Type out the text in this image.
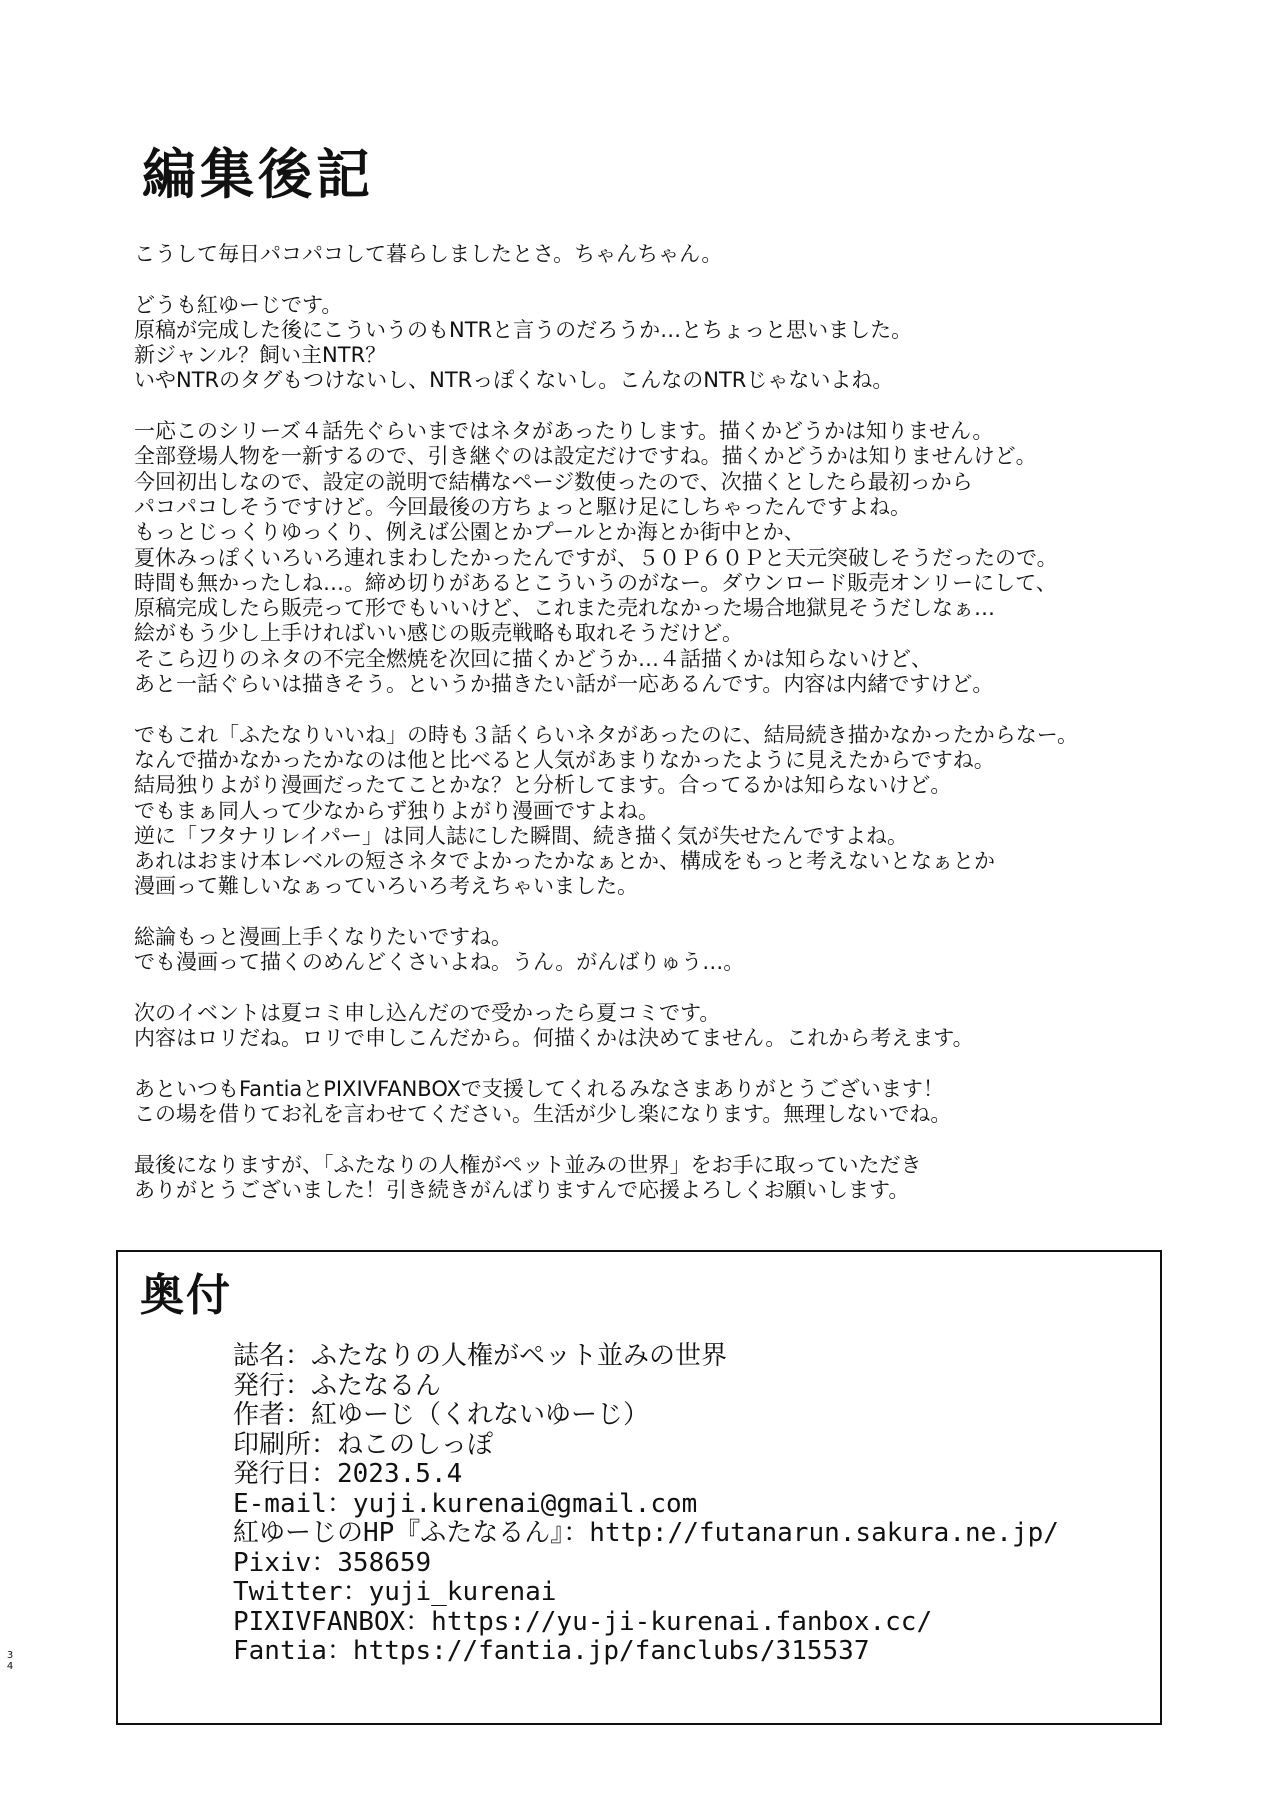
編集後記

こうして毎日パコパコして暮らしましたとさ。ちゃんちゃん。

どうも紅ゆーじです。
原稿が完成した後にこういうのもNTRと言うのだろうか…とちょっと思いました。
新ジャンル？飼い主NTR？
いやNTRのタグもつけないし、NTRっぽくないし。こんなのNTRじゃないよね。

一応このシリーズ４話先ぐらいまではネタがあったりします。描くかどうかは知りません。
全部登場人物を一新するので、引き継ぐのは設定だけですね。描くかどうかは知りませんけど。
今回初出しなので、設定の説明で結構なページ数使ったので、次描くとしたら最初っから
パコパコしそうですけど。今回最後の方ちょっと駆け足にしちゃったんですよね。
もっとじっくりゆっくり、例えば公園とかプールとか海とか街中とか、
夏休みっぽくいろいろ連れまわしたかったんですが、５０Ｐ６０Ｐと天元突破しそうだったので。
時間も無かったしね…。締め切りがあるとこういうのがなー。ダウンロード販売オンリーにして、
原稿完成したら販売って形でもいいけど、これまた売れなかった場合地獄見そうだしなぁ…
絵がもう少し上手ければいい感じの販売戦略も取れそうだけど。
そこら辺りのネタの不完全燃焼を次回に描くかどうか…４話描くかは知らないけど、
あと一話ぐらいは描きそう。というか描きたい話が一応あるんです。内容は内緒ですけど。

でもこれ「ふたなりいいね」の時も３話くらいネタがあったのに、結局続き描かなかったからなー。
なんで描かなかったかなのは他と比べると人気があまりなかったように見えたからですね。
結局独りよがり漫画だったてことかな？と分析してます。合ってるかは知らないけど。
でもまぁ同人って少なからず独りよがり漫画ですよね。
逆に「フタナリレイパー」は同人誌にした瞬間、続き描く気が失せたんですよね。
あれはおまけ本レベルの短さネタでよかったかなぁとか、構成をもっと考えないとなぁとか
漫画って難しいなぁっていろいろ考えちゃいました。

総論もっと漫画上手くなりたいですね。
でも漫画って描くのめんどくさいよね。うん。がんばりゅう…。

次のイベントは夏コミ申し込んだので受かったら夏コミです。
内容はロリだね。ロリで申しこんだから。何描くかは決めてません。これから考えます。

あといつもFantiaとPIXIVFANBOXで支援してくれるみなさまありがとうございます！
この場を借りてお礼を言わせてください。生活が少し楽になります。無理しないでね。

最後になりますが、「ふたなりの人権がペット並みの世界」をお手に取っていただき
ありがとうございました！引き続きがんばりますんで応援よろしくお願いします。

奥付
誌名：ふたなりの人権がペット並みの世界
発行：ふたなるん
作者：紅ゆーじ（くれないゆーじ）
印刷所：ねこのしっぽ
発行日：2023.5.4
E-mail：yuji.kurenai@gmail.com
紅ゆーじのHP『ふたなるん』：http://futanarun.sakura.ne.jp/
Pixiv：358659
Twitter：yuji_kurenai
PIXIVFANBOX：https://yu-ji-kurenai.fanbox.cc/
Fantia：https://fantia.jp/fanclubs/315537
3
4
